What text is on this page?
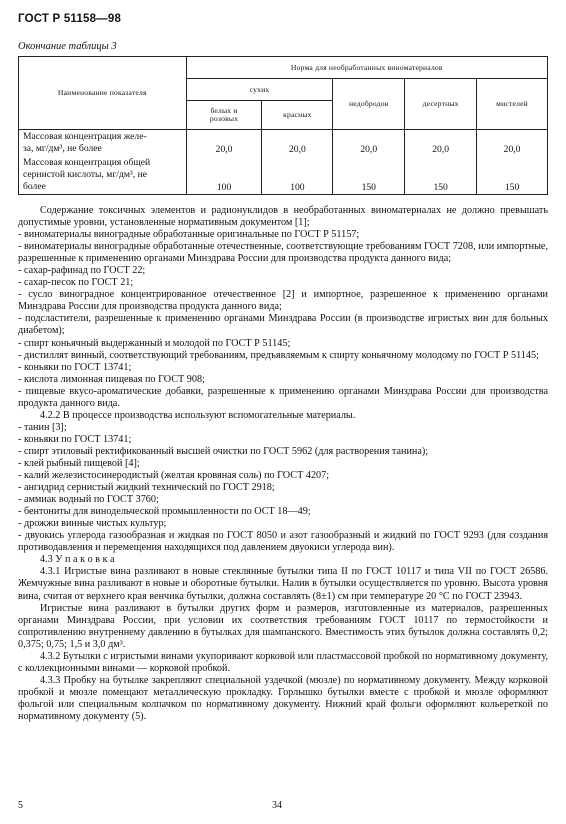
ГОСТ Р 51158—98
Окончание таблицы 3
Наименование показателя	Норма для необработанных виноматериалов				
	сухих		недобродов	десертных	мистелей
	белых и
розовых	красных			

Массовая концентрация желе-
за, мг/дм³, не более	20,0	20,0	20,0	20,0	20,0

Массовая концентрация общей
сернистой кислоты, мг/дм³, не
более	100	100	150	150	150

Содержание токсичных элементов и радионуклидов в необработанных виноматериалах не должно превышать допустимые уровни, установленные нормативным документом [1];

- виноматериалы виноградные обработанные оригинальные по ГОСТ Р 51157;

- виноматериалы виноградные обработанные отечественные, соответствующие требованиям ГОСТ 7208, или импортные, разрешенные к применению органами Минздрава России для производства продукта данного вида;

- сахар-рафинад по ГОСТ 22;

- сахар-песок по ГОСТ 21;

- сусло виноградное концентрированное отечественное [2] и импортное, разрешенное к применению органами Минздрава России для производства продукта данного вида;

- подсластители, разрешенные к применению органами Минздрава России (в производстве игристых вин для больных диабетом);

- спирт коньячный выдержанный и молодой по ГОСТ Р 51145;

- дистиллят винный, соответствующий требованиям, предъявляемым к спирту коньячному молодому по ГОСТ Р 51145;

- коньяки по ГОСТ 13741;

- кислота лимонная пищевая по ГОСТ 908;

- пищевые вкусо-ароматические добавки, разрешенные к применению органами Минздрава России для производства продукта данного вида.

4.2.2 В процессе производства используют вспомогательные материалы.

- танин [3];

- коньяки по ГОСТ 13741;

- спирт этиловый ректификованный высшей очистки по ГОСТ 5962 (для растворения танина);

- клей рыбный пищевой [4];

- калий железистосинеродистый (желтая кровяная соль) по ГОСТ 4207;

- ангидрид сернистый жидкий технический по ГОСТ 2918;

- аммиак водный по ГОСТ 3760;

- бентониты для винодельческой промышленности по ОСТ 18—49;

- дрожжи винные чистых культур;

- двуокись углерода газообразная и жидкая по ГОСТ 8050 и азот газообразный и жидкий по ГОСТ 9293 (для создания противодавления и перемещения находящихся под давлением двуокиси углерода вин).

4.3 У п а к о в к а

4.3.1 Игристые вина разливают в новые стеклянные бутылки типа II по ГОСТ 10117 и типа VII по ГОСТ 26586. Жемчужные вина разливают в новые и оборотные бутылки. Налив в бутылки осуществляется по уровню. Высота уровня вина, считая от верхнего края венчика бутылки, должна составлять (8±1) см при температуре 20 °С по ГОСТ 23943.

Игристые вина разливают в бутылки других форм и размеров, изготовленные из материалов, разрешенных органами Минздрава России, при условии их соответствия требованиям ГОСТ 10117 по термостойкости и сопротивлению внутреннему давлению в бутылках для шампанского. Вместимость этих бутылок должна составлять 0,2; 0,375; 0,75; 1,5 и 3,0 дм³.

4.3.2 Бутылки с игристыми винами укупоривают корковой или пластмассовой пробкой по нормативному документу, с коллекционными винами — корковой пробкой.

4.3.3 Пробку на бутылке закрепляют специальной уздечкой (мюзле) по нормативному документу. Между корковой пробкой и мюзле помещают металлическую прокладку. Горлышко бутылки вместе с пробкой и мюзле оформляют фольгой или специальным колпачком по нормативному документу. Нижний край фольги оформляют кольереткой по нормативному документу (5).

5	34
